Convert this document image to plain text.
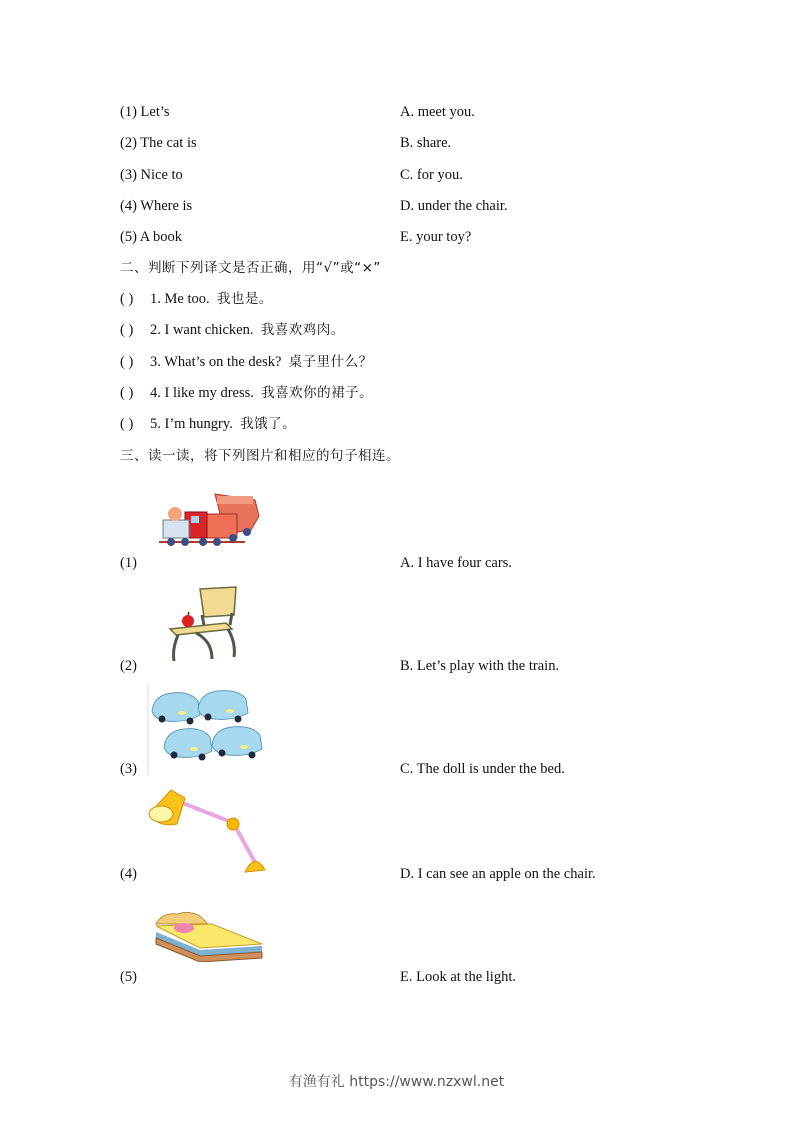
(1) Let’s
(2) The cat is
(3) Nice to
(4) Where is
(5) A book
A. meet you.
B. share.
C. for you.
D. under the chair.
E. your toy?
二、判断下列译文是否正确，用“√”或“×”
( ) 1. Me too. 我也是。
( ) 2. I want chicken. 我喜欢鸡肉。
( ) 3. What’s on the desk? 桌子里什么？
( ) 4. I like my dress. 我喜欢你的裙子。
( ) 5. I’m hungry. 我饿了。
三、读一读，将下列图片和相应的句子相连。
(1)
(2)
(3)
(4)
(5)
A. I have four cars.
B. Let’s play with the train.
C. The doll is under the bed.
D. I can see an apple on the chair.
E. Look at the light.
有渔有礼 https://www.nzxwl.net
